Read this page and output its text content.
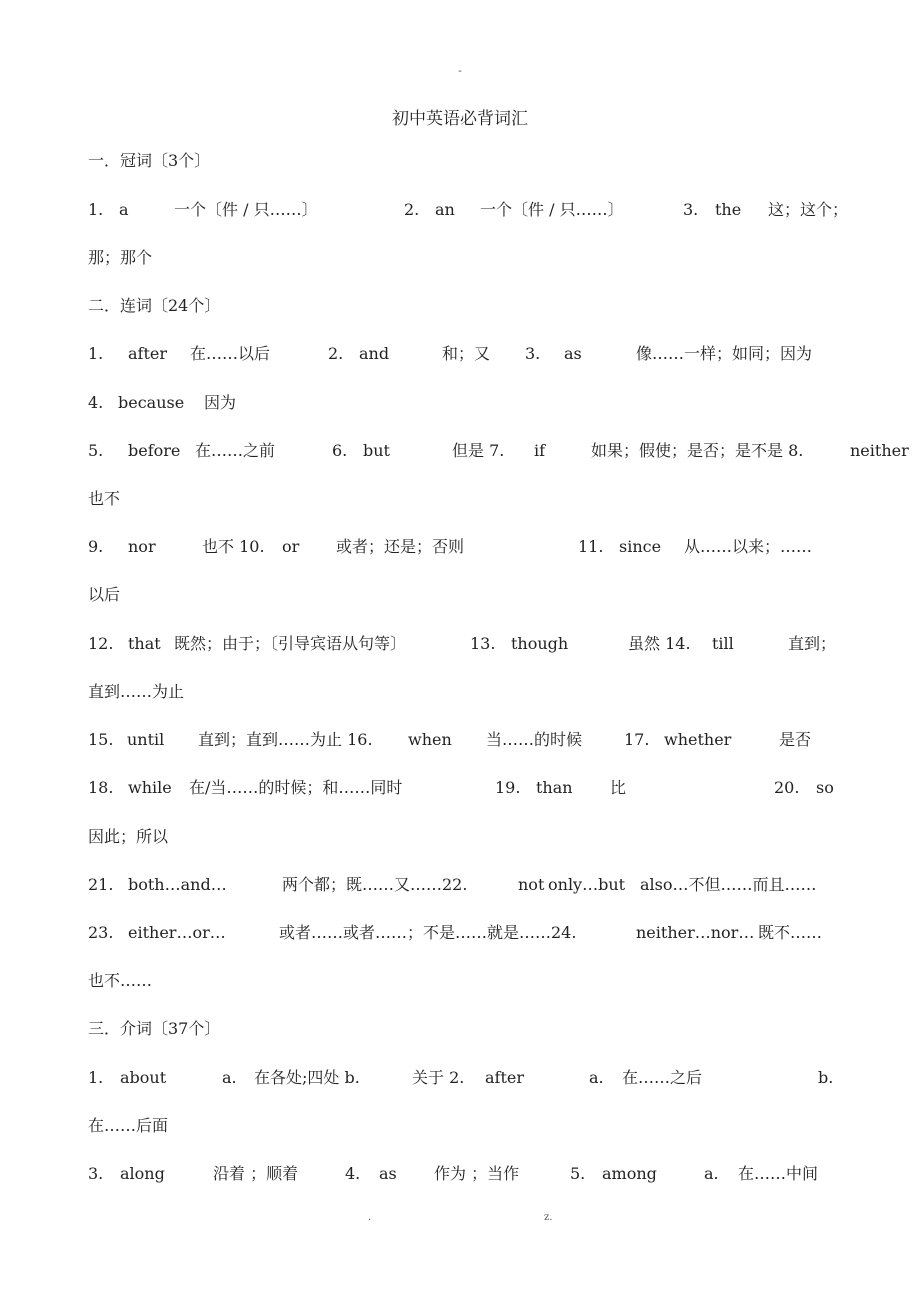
-
初中英语必背词汇
一．冠词〔3个〕
1. a	一个〔件 / 只……〕	2. an 一个〔件 / 只……〕	3. the 这；这个；
那；那个
二．连词〔24个〕
1. after 在……以后	2. and	和；又 3. as	像……一样；如同；因为
4. because 因为
5. before 在……之前	6. but	但是 7. if	如果；假使；是否；是不是 8.	neither
也不
9. nor	也不 10. or 或者；还是；否则	11. since 从……以来；……
以后
12. that 既然；由于；〔引导宾语从句等〕	13. though	虽然 14. till	直到；
直到……为止
15. until 直到；直到……为止 16. when 当……的时候	17. whether	是否
18. while 在/当……的时候；和……同时	19. than 比	20. so
因此；所以
21. both…and…	两个都；既……又……22.	not only…but also…不但……而且……
23. either…or…	或者……或者……；不是……就是……24.	neither…nor… 既不……
也不……
三．介词〔37个〕
1. about	a. 在各处;四处 b.	关于 2. after	a. 在……之后	b.
在……后面
3. along	沿着 ；顺着	4. as 作为 ；当作	5. among	a. 在……中间
.	z.
